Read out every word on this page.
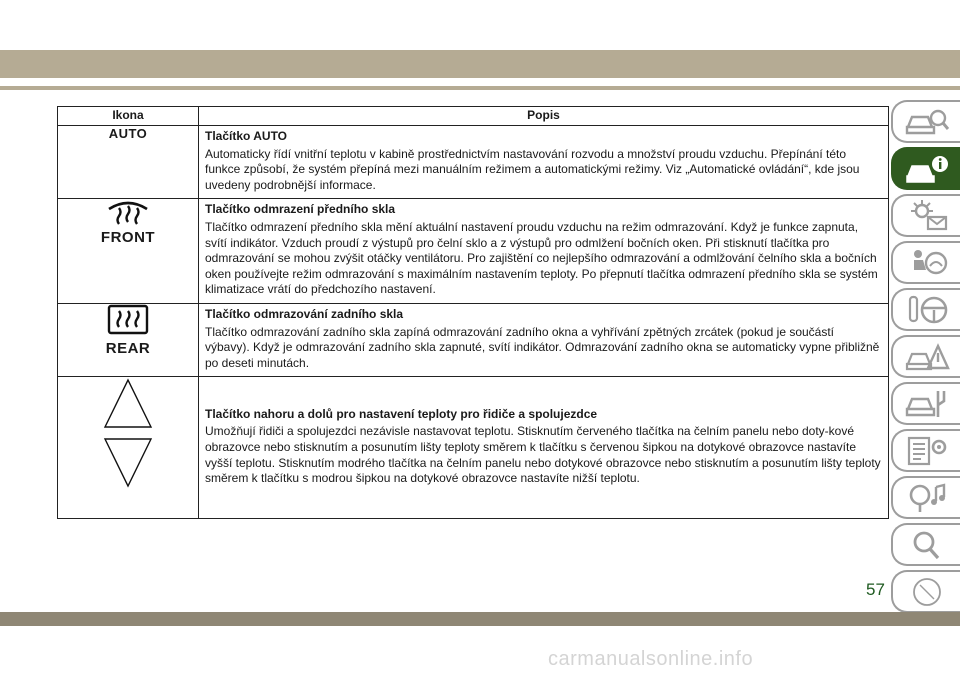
Ikona	Popis
AUTO	Tlačítko AUTO
Automaticky řídí vnitřní teplotu v kabině prostřednictvím nastavování rozvodu a množství proudu vzduchu. Přepínání této funkce způsobí, že systém přepíná mezi manuálním režimem a automatickými režimy. Viz „Automatické ovládání“, kde jsou uvedeny podrobnější informace.

FRONT	Tlačítko odmrazení předního skla
Tlačítko odmrazení předního skla mění aktuální nastavení proudu vzduchu na režim odmrazování. Když je funkce zapnuta, svítí indikátor. Vzduch proudí z výstupů pro čelní sklo a z výstupů pro odmlžení bočních oken. Při stisknutí tlačítka pro odmrazování se mohou zvýšit otáčky ventilátoru. Pro zajištění co nejlepšího odmrazování a odmlžování čelního skla a bočních oken používejte režim odmrazování s maximálním nastavením teploty. Po přepnutí tlačítka odmrazení předního skla se systém klimatizace vrátí do předchozího nastavení.

REAR	Tlačítko odmrazování zadního skla
Tlačítko odmrazování zadního skla zapíná odmrazování zadního okna a vyhřívání zpětných zrcátek (pokud je součástí výbavy). Když je odmrazování zadního skla zapnuté, svítí indikátor. Odmrazování zadního okna se automaticky vypne přibližně po deseti minutách.

Tlačítko nahoru a dolů pro nastavení teploty pro řidiče a spolujezdce
Umožňují řidiči a spolujezdci nezávisle nastavovat teplotu. Stisknutím červeného tlačítka na čelním panelu nebo doty-kové obrazovce nebo stisknutím a posunutím lišty teploty směrem k tlačítku s červenou šipkou na dotykové obrazovce nastavíte vyšší teplotu. Stisknutím modrého tlačítka na čelním panelu nebo dotykové obrazovce nebo stisknutím a posunutím lišty teploty směrem k tlačítku s modrou šipkou na dotykové obrazovce nastavíte nižší teplotu.
57
carmanualsonline.info
